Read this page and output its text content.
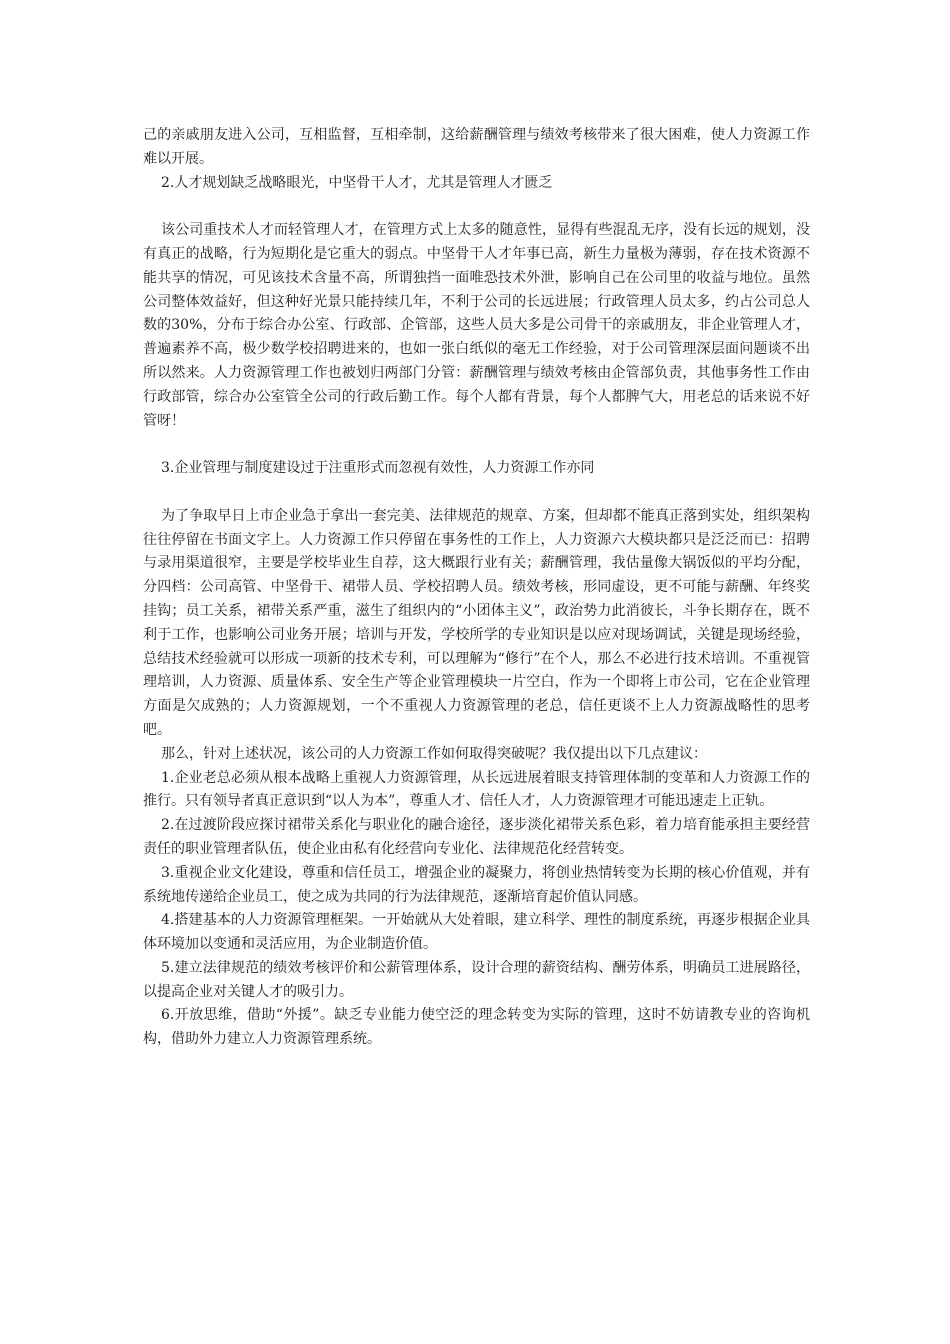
己的亲戚朋友进入公司，互相监督，互相牵制，这给薪酬管理与绩效考核带来了很大困难，使人力资源工作难以开展。

2.人才规划缺乏战略眼光，中坚骨干人才，尤其是管理人才匮乏

该公司重技术人才而轻管理人才，在管理方式上太多的随意性，显得有些混乱无序，没有长远的规划，没有真正的战略，行为短期化是它重大的弱点。中坚骨干人才年事已高，新生力量极为薄弱，存在技术资源不能共享的情况，可见该技术含量不高，所谓独挡一面唯恐技术外泄，影响自己在公司里的收益与地位。虽然公司整体效益好，但这种好光景只能持续几年，不利于公司的长远进展；行政管理人员太多，约占公司总人数的30%，分布于综合办公室、行政部、企管部，这些人员大多是公司骨干的亲戚朋友，非企业管理人才，普遍素养不高，极少数学校招聘进来的，也如一张白纸似的毫无工作经验，对于公司管理深层面问题谈不出所以然来。人力资源管理工作也被划归两部门分管：薪酬管理与绩效考核由企管部负责，其他事务性工作由行政部管，综合办公室管全公司的行政后勤工作。每个人都有背景，每个人都脾气大，用老总的话来说不好管呀！

3.企业管理与制度建设过于注重形式而忽视有效性，人力资源工作亦同

为了争取早日上市企业急于拿出一套完美、法律规范的规章、方案，但却都不能真正落到实处，组织架构往往停留在书面文字上。人力资源工作只停留在事务性的工作上，人力资源六大模块都只是泛泛而已：招聘与录用渠道很窄，主要是学校毕业生自荐，这大概跟行业有关；薪酬管理，我估量像大锅饭似的平均分配，分四档：公司高管、中坚骨干、裙带人员、学校招聘人员。绩效考核，形同虚设，更不可能与薪酬、年终奖挂钩；员工关系，裙带关系严重，滋生了组织内的“小团体主义”，政治势力此消彼长，斗争长期存在，既不利于工作，也影响公司业务开展；培训与开发，学校所学的专业知识是以应对现场调试，关键是现场经验，总结技术经验就可以形成一项新的技术专利，可以理解为“修行”在个人，那么不必进行技术培训。不重视管理培训，人力资源、质量体系、安全生产等企业管理模块一片空白，作为一个即将上市公司，它在企业管理方面是欠成熟的；人力资源规划，一个不重视人力资源管理的老总，信任更谈不上人力资源战略性的思考吧。

那么，针对上述状况，该公司的人力资源工作如何取得突破呢？我仅提出以下几点建议：

1.企业老总必须从根本战略上重视人力资源管理，从长远进展着眼支持管理体制的变革和人力资源工作的推行。只有领导者真正意识到“以人为本”，尊重人才、信任人才，人力资源管理才可能迅速走上正轨。

2.在过渡阶段应探讨裙带关系化与职业化的融合途径，逐步淡化裙带关系色彩，着力培育能承担主要经营责任的职业管理者队伍，使企业由私有化经营向专业化、法律规范化经营转变。

3.重视企业文化建设，尊重和信任员工，增强企业的凝聚力，将创业热情转变为长期的核心价值观，并有系统地传递给企业员工，使之成为共同的行为法律规范，逐渐培育起价值认同感。

4.搭建基本的人力资源管理框架。一开始就从大处着眼，建立科学、理性的制度系统，再逐步根据企业具体环境加以变通和灵活应用，为企业制造价值。

5.建立法律规范的绩效考核评价和公薪管理体系，设计合理的薪资结构、酬劳体系，明确员工进展路径，以提高企业对关键人才的吸引力。

6.开放思维，借助“外援”。缺乏专业能力使空泛的理念转变为实际的管理，这时不妨请教专业的咨询机构，借助外力建立人力资源管理系统。
